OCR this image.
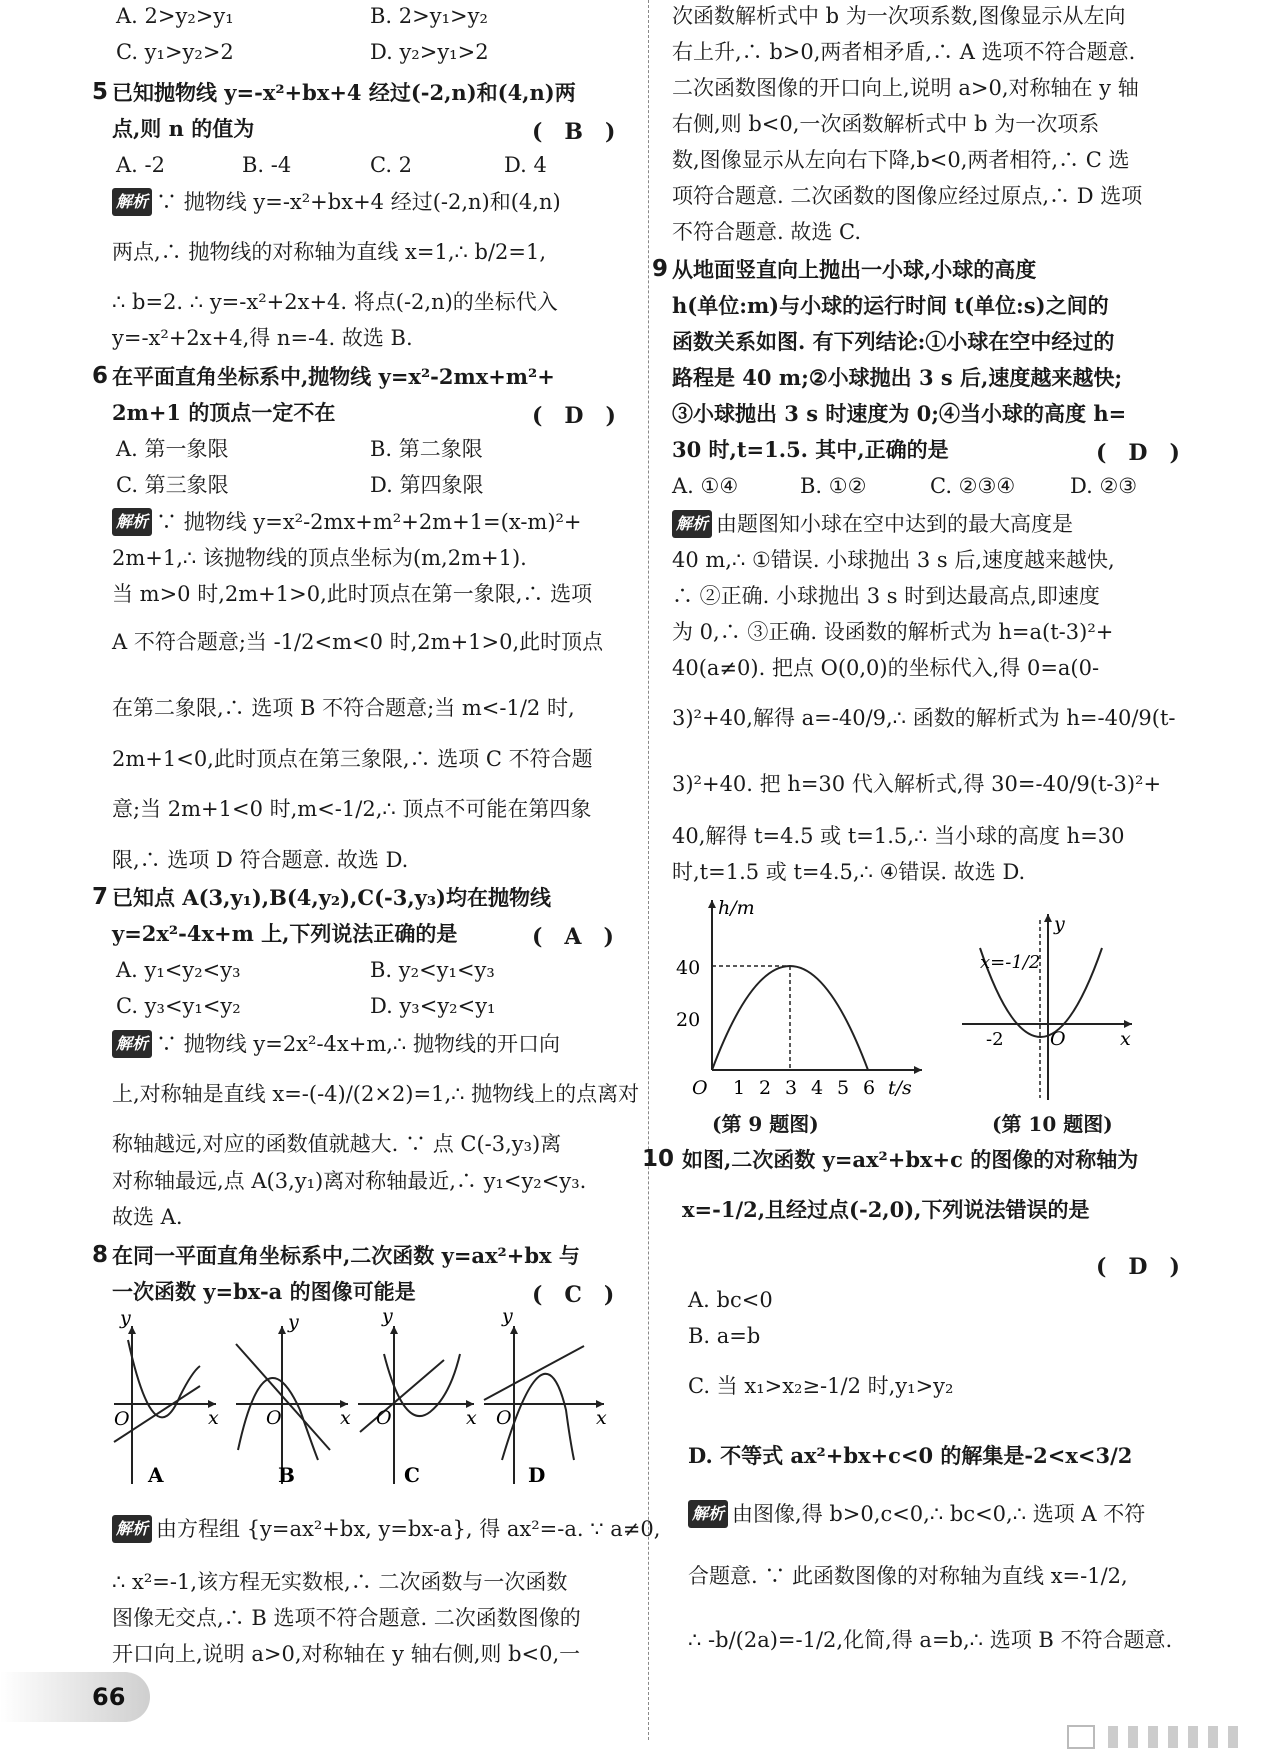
A. 2>y₂>y₁	B. 2>y₁>y₂
C. y₁>y₂>2	D. y₂>y₁>2
5 已知抛物线 y=-x²+bx+4 经过(-2,n)和(4,n)两
点,则 n 的值为	(　B　)
A. -2	B. -4	C. 2	D. 4
解析 ∵ 抛物线 y=-x²+bx+4 经过(-2,n)和(4,n)
两点,∴ 抛物线的对称轴为直线 x=1,∴ b/2=1,
∴ b=2. ∴ y=-x²+2x+4. 将点(-2,n)的坐标代入
y=-x²+2x+4,得 n=-4. 故选 B.
6 在平面直角坐标系中,抛物线 y=x²-2mx+m²+
2m+1 的顶点一定不在	(　D　)
A. 第一象限	B. 第二象限
C. 第三象限	D. 第四象限
解析 ∵ 抛物线 y=x²-2mx+m²+2m+1=(x-m)²+
2m+1,∴ 该抛物线的顶点坐标为(m,2m+1).
当 m>0 时,2m+1>0,此时顶点在第一象限,∴ 选项
A 不符合题意;当 -1/2<m<0 时,2m+1>0,此时顶点
在第二象限,∴ 选项 B 不符合题意;当 m<-1/2 时,
2m+1<0,此时顶点在第三象限,∴ 选项 C 不符合题
意;当 2m+1<0 时,m<-1/2,∴ 顶点不可能在第四象
限,∴ 选项 D 符合题意. 故选 D.
7 已知点 A(3,y₁),B(4,y₂),C(-3,y₃)均在抛物线
y=2x²-4x+m 上,下列说法正确的是	(　A　)
A. y₁<y₂<y₃	B. y₂<y₁<y₃
C. y₃<y₁<y₂	D. y₃<y₂<y₁
解析 ∵ 抛物线 y=2x²-4x+m,∴ 抛物线的开口向
上,对称轴是直线 x=-(-4)/(2×2)=1,∴ 抛物线上的点离对
称轴越远,对应的函数值就越大. ∵ 点 C(-3,y₃)离
对称轴最远,点 A(3,y₁)离对称轴最近,∴ y₁<y₂<y₃.
故选 A.
8 在同一平面直角坐标系中,二次函数 y=ax²+bx 与
一次函数 y=bx-a 的图像可能是	(　C　)
y
x
O
A
y
x
O
B
y
x
O
C
y
x
O
D
解析 由方程组 {y=ax²+bx, y=bx-a}, 得 ax²=-a. ∵ a≠0,
∴ x²=-1,该方程无实数根,∴ 二次函数与一次函数
图像无交点,∴ B 选项不符合题意. 二次函数图像的
开口向上,说明 a>0,对称轴在 y 轴右侧,则 b<0,一
次函数解析式中 b 为一次项系数,图像显示从左向
右上升,∴ b>0,两者相矛盾,∴ A 选项不符合题意.
二次函数图像的开口向上,说明 a>0,对称轴在 y 轴
右侧,则 b<0,一次函数解析式中 b 为一次项系
数,图像显示从左向右下降,b<0,两者相符,∴ C 选
项符合题意. 二次函数的图像应经过原点,∴ D 选项
不符合题意. 故选 C.
9 从地面竖直向上抛出一小球,小球的高度
h(单位:m)与小球的运行时间 t(单位:s)之间的
函数关系如图. 有下列结论:①小球在空中经过的
路程是 40 m;②小球抛出 3 s 后,速度越来越快;
③小球抛出 3 s 时速度为 0;④当小球的高度 h=
30 时,t=1.5. 其中,正确的是	(　D　)
A. ①④	B. ①②	C. ②③④	D. ②③
解析 由题图知小球在空中达到的最大高度是
40 m,∴ ①错误. 小球抛出 3 s 后,速度越来越快,
∴ ②正确. 小球抛出 3 s 时到达最高点,即速度
为 0,∴ ③正确. 设函数的解析式为 h=a(t-3)²+
40(a≠0). 把点 O(0,0)的坐标代入,得 0=a(0-
3)²+40,解得 a=-40/9,∴ 函数的解析式为 h=-40/9(t-
3)²+40. 把 h=30 代入解析式,得 30=-40/9(t-3)²+
40,解得 t=4.5 或 t=1.5,∴ 当小球的高度 h=30
时,t=1.5 或 t=4.5,∴ ④错误. 故选 D.
h/m
40
20
O 1 2 3 4 5 6 t/s
y
x=-1/2
-2 O	x
(第 9 题图)	(第 10 题图)
10 如图,二次函数 y=ax²+bx+c 的图像的对称轴为
x=-1/2,且经过点(-2,0),下列说法错误的是
(　D　)
A. bc<0
B. a=b
C. 当 x₁>x₂≥-1/2 时,y₁>y₂
D. 不等式 ax²+bx+c<0 的解集是-2<x<3/2
解析 由图像,得 b>0,c<0,∴ bc<0,∴ 选项 A 不符
合题意. ∵ 此函数图像的对称轴为直线 x=-1/2,
∴ -b/(2a)=-1/2,化简,得 a=b,∴ 选项 B 不符合题意.
66
